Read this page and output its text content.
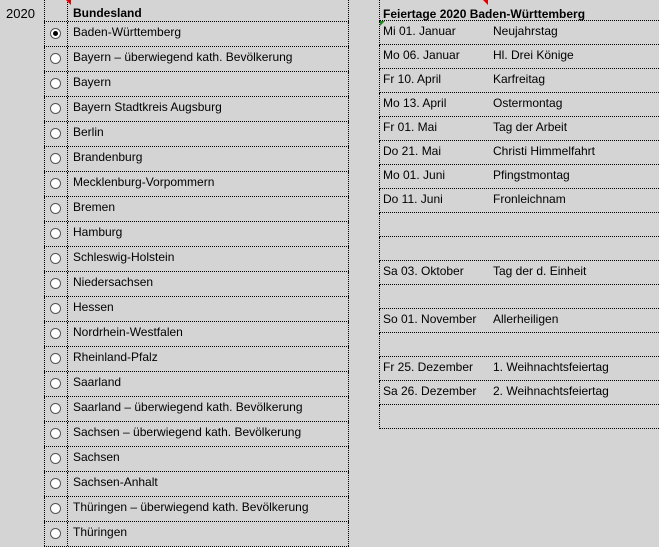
2020	Bundesland
Baden-Württemberg
Bayern – überwiegend kath. Bevölkerung
Bayern
Bayern Stadtkreis Augsburg
Berlin
Brandenburg
Mecklenburg-Vorpommern
Bremen
Hamburg
Schleswig-Holstein
Niedersachsen
Hessen
Nordrhein-Westfalen
Rheinland-Pfalz
Saarland
Saarland – überwiegend kath. Bevölkerung
Sachsen – überwiegend kath. Bevölkerung
Sachsen
Sachsen-Anhalt
Thüringen – überwiegend kath. Bevölkerung
Thüringen
Feiertage 2020 Baden-Württemberg
Mi 01. Januar	Neujahrstag
Mo 06. Januar	Hl. Drei Könige
Fr 10. April	Karfreitag
Mo 13. April	Ostermontag
Fr 01. Mai	Tag der Arbeit
Do 21. Mai	Christi Himmelfahrt
Mo 01. Juni	Pfingstmontag
Do 11. Juni	Fronleichnam
Sa 03. Oktober Tag der d. Einheit
So 01. November Allerheiligen
Fr 25. Dezember 1. Weihnachtsfeiertag
Sa 26. Dezember 2. Weihnachtsfeiertag
